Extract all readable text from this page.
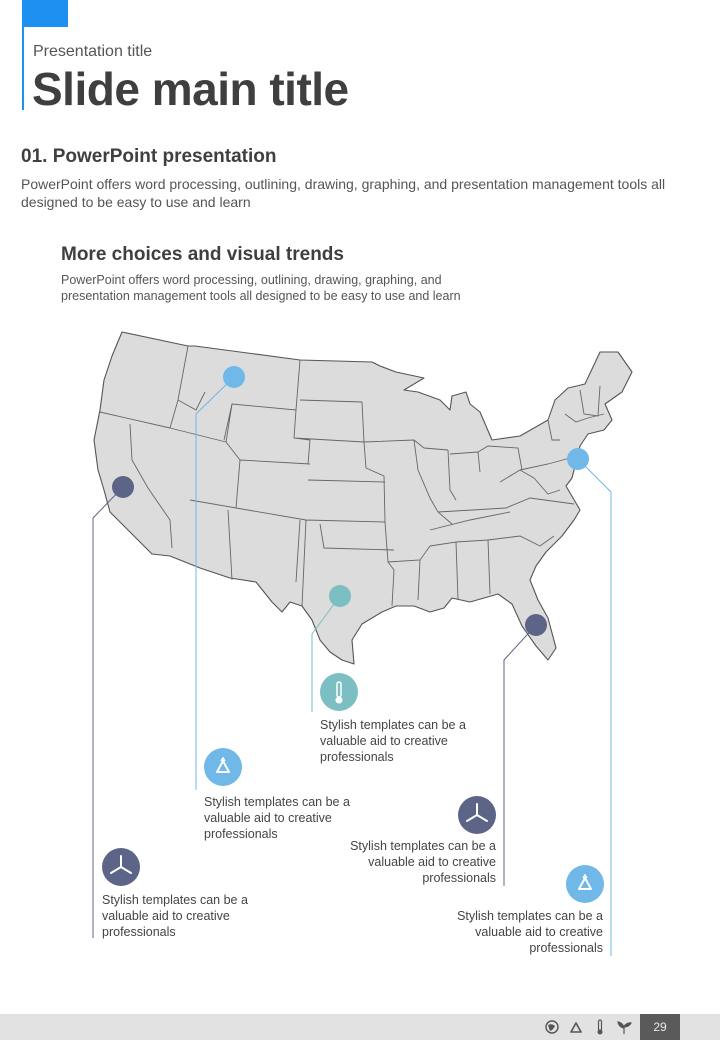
Presentation title
Slide main title
01. PowerPoint presentation
PowerPoint offers word processing, outlining, drawing, graphing, and presentation management tools all designed to be easy to use and learn
More choices and visual trends
PowerPoint offers word processing, outlining, drawing, graphing, and presentation management tools all designed to be easy to use and learn
Stylish templates can be a valuable aid to creative professionals
Stylish templates can be a valuable aid to creative professionals
Stylish templates can be a valuable aid to creative professionals
Stylish templates can be a valuable aid to creative professionals
Stylish templates can be a valuable aid to creative professionals
29
